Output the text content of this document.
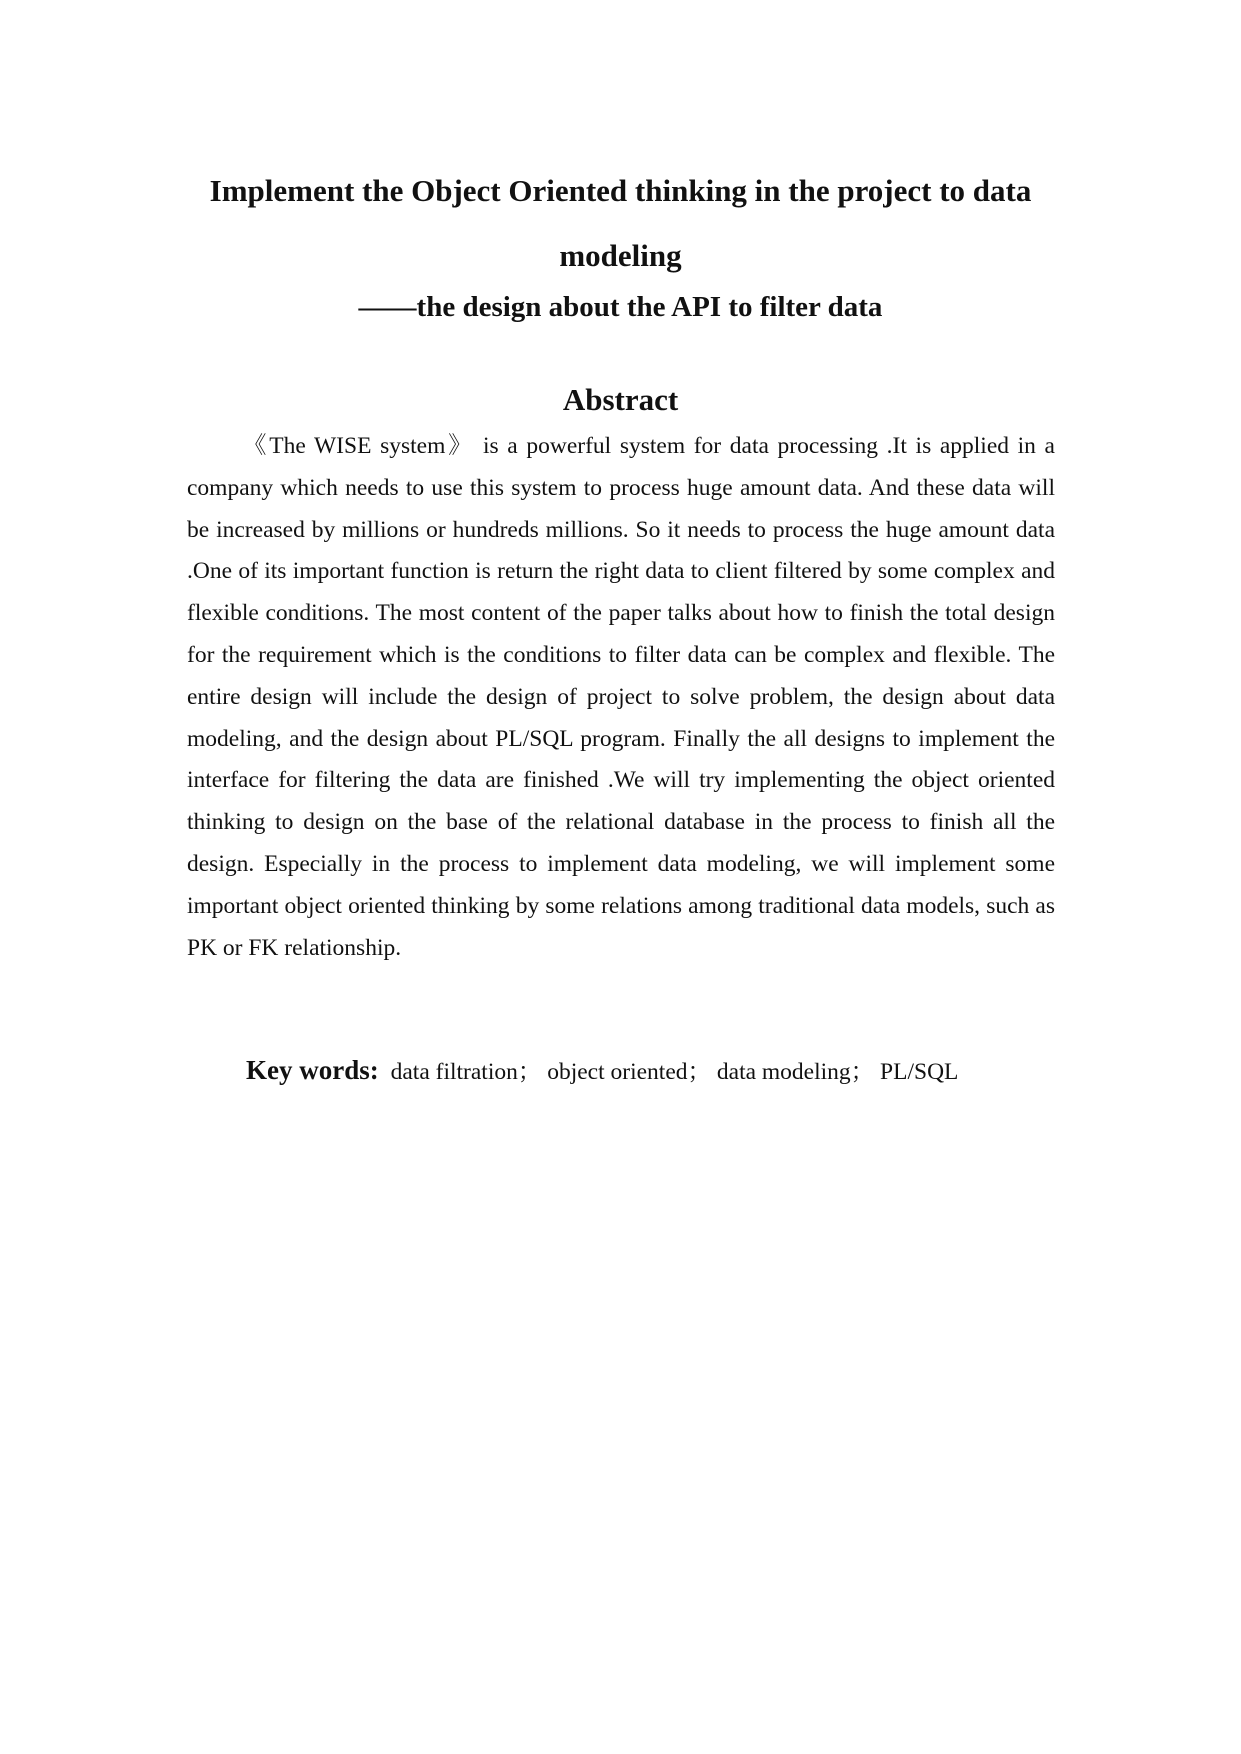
Implement the Object Oriented thinking in the project to data modeling
——the design about the API to filter data
Abstract

《The WISE system》 is a powerful system for data processing .It is applied in a company which needs to use this system to process huge amount data. And these data will be increased by millions or hundreds millions. So it needs to process the huge amount data .One of its important function is return the right data to client filtered by some complex and flexible conditions. The most content of the paper talks about how to finish the total design for the requirement which is the conditions to filter data can be complex and flexible. The entire design will include the design of project to solve problem, the design about data modeling, and the design about PL/SQL program. Finally the all designs to implement the interface for filtering the data are finished .We will try implementing the object oriented thinking to design on the base of the relational database in the process to finish all the design. Especially in the process to implement data modeling, we will implement some important object oriented thinking by some relations among traditional data models, such as PK or FK relationship.

Key words: data filtration； object oriented； data modeling； PL/SQL
